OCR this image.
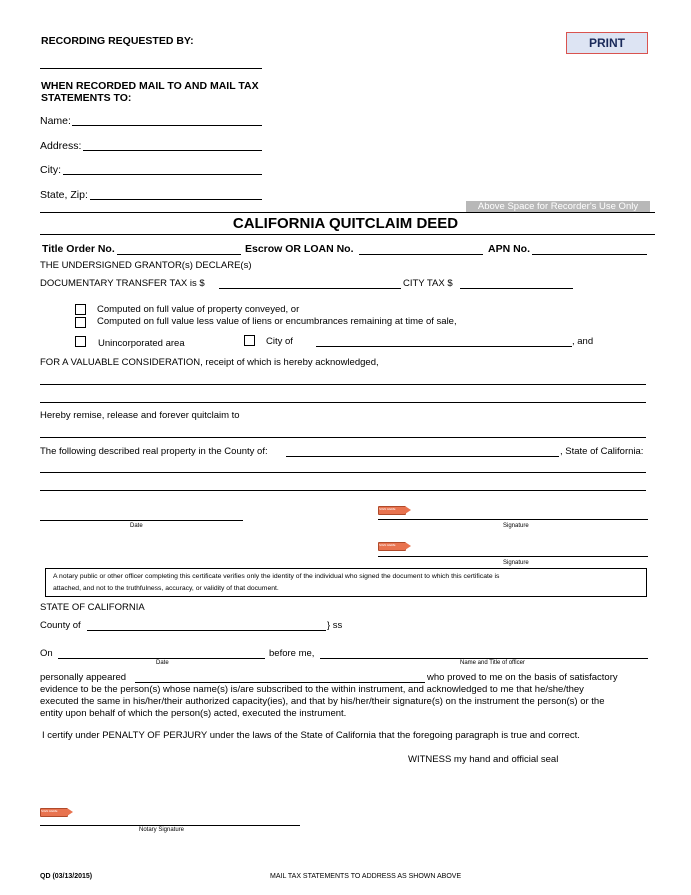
RECORDING REQUESTED BY:	PRINT
WHEN RECORDED MAIL TO AND MAIL TAX
STATEMENTS TO:
Name:
Address:
City:
State, Zip:
Above Space for Recorder's Use Only
CALIFORNIA QUITCLAIM DEED
Title Order No.	Escrow OR LOAN No.	APN No.
THE UNDERSIGNED GRANTOR(s) DECLARE(s)
DOCUMENTARY TRANSFER TAX is $	CITY TAX $
Computed on full value of property conveyed, or
Computed on full value less value of liens or encumbrances remaining at time of sale,
Unincorporated area	City of	, and
FOR A VALUABLE CONSIDERATION, receipt of which is hereby acknowledged,
Hereby remise, release and forever quitclaim to
The following described real property in the County of:	, State of California:
Date
SIGN HERE
Signature
SIGN HERE
Signature
A notary public or other officer completing this certificate verifies only the identity of the individual who signed the document to which this certificate is
attached, and not to the truthfulness, accuracy, or validity of that document.
STATE OF CALIFORNIA
County of	} ss
On
Date
before me,
Name and Title of officer
personally appeared	who proved to me on the basis of satisfactory
evidence to be the person(s) whose name(s) is/are subscribed to the within instrument, and acknowledged to me that he/she/they
executed the same in his/her/their authorized capacity(ies), and that by his/her/their signature(s) on the instrument the person(s) or the
entity upon behalf of which the person(s) acted, executed the instrument.
I certify under PENALTY OF PERJURY under the laws of the State of California that the foregoing paragraph is true and correct.
WITNESS my hand and official seal
SIGN HERE
Notary Signature
QD (03/13/2015)	MAIL TAX STATEMENTS TO ADDRESS AS SHOWN ABOVE
